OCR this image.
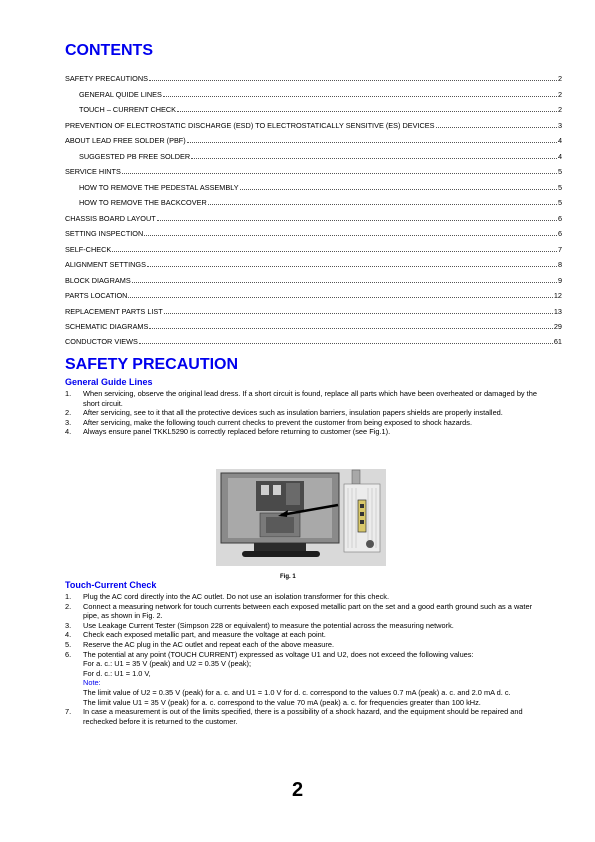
CONTENTS
SAFETY PRECAUTIONS	2
GENERAL QUIDE LINES	2
TOUCH – CURRENT CHECK	2
PREVENTION OF ELECTROSTATIC DISCHARGE (ESD) TO ELECTROSTATICALLY SENSITIVE (ES) DEVICES	3
ABOUT LEAD FREE SOLDER (PBF)	4
SUGGESTED PB FREE SOLDER	4
SERVICE HINTS	5
HOW TO REMOVE THE PEDESTAL ASSEMBLY	5
HOW TO REMOVE THE BACKCOVER	5
CHASSIS BOARD LAYOUT	6
SETTING INSPECTION	6
SELF-CHECK	7
ALIGNMENT SETTINGS	8
BLOCK DIAGRAMS	9
PARTS LOCATION	12
REPLACEMENT PARTS LIST	13
SCHEMATIC DIAGRAMS	29
CONDUCTOR VIEWS	61
SAFETY PRECAUTION
General Guide Lines
1. When servicing, observe the original lead dress. If a short circuit is found, replace all parts which have been overheated or damaged by the short circuit.
2. After servicing, see to it that all the protective devices such as insulation barriers, insulation papers shields are properly installed.
3. After servicing, make the following touch current checks to prevent the customer from being exposed to shock hazards.
4. Always ensure panel TKKL5290 is correctly replaced before returning to customer (see Fig.1).
Fig. 1
Touch-Current Check
1. Plug the AC cord directly into the AC outlet. Do not use an isolation transformer for this check.
2. Connect a measuring network for touch currents between each exposed metallic part on the set and a good earth ground such as a water pipe, as shown in Fig. 2.
3. Use Leakage Current Tester (Simpson 228 or equivalent) to measure the potential across the measuring network.
4. Check each exposed metallic part, and measure the voltage at each point.
5. Reserve the AC plug in the AC outlet and repeat each of the above measure.
6. The potential at any point (TOUCH CURRENT) expressed as voltage U1 and U2, does not exceed the following values:
For a. c.: U1 = 35 V (peak) and U2 = 0.35 V (peak);
For d. c.: U1 = 1.0 V,
Note:
The limit value of U2 = 0.35 V (peak) for a. c. and U1 = 1.0 V for d. c. correspond to the values 0.7 mA (peak) a. c. and 2.0 mA d. c.
The limit value U1 = 35 V (peak) for a. c. correspond to the value 70 mA (peak) a. c. for frequencies greater than 100 kHz.
7. In case a measurement is out of the limits specified, there is a possibility of a shock hazard, and the equipment should be repaired and rechecked before it is returned to the customer.
2
